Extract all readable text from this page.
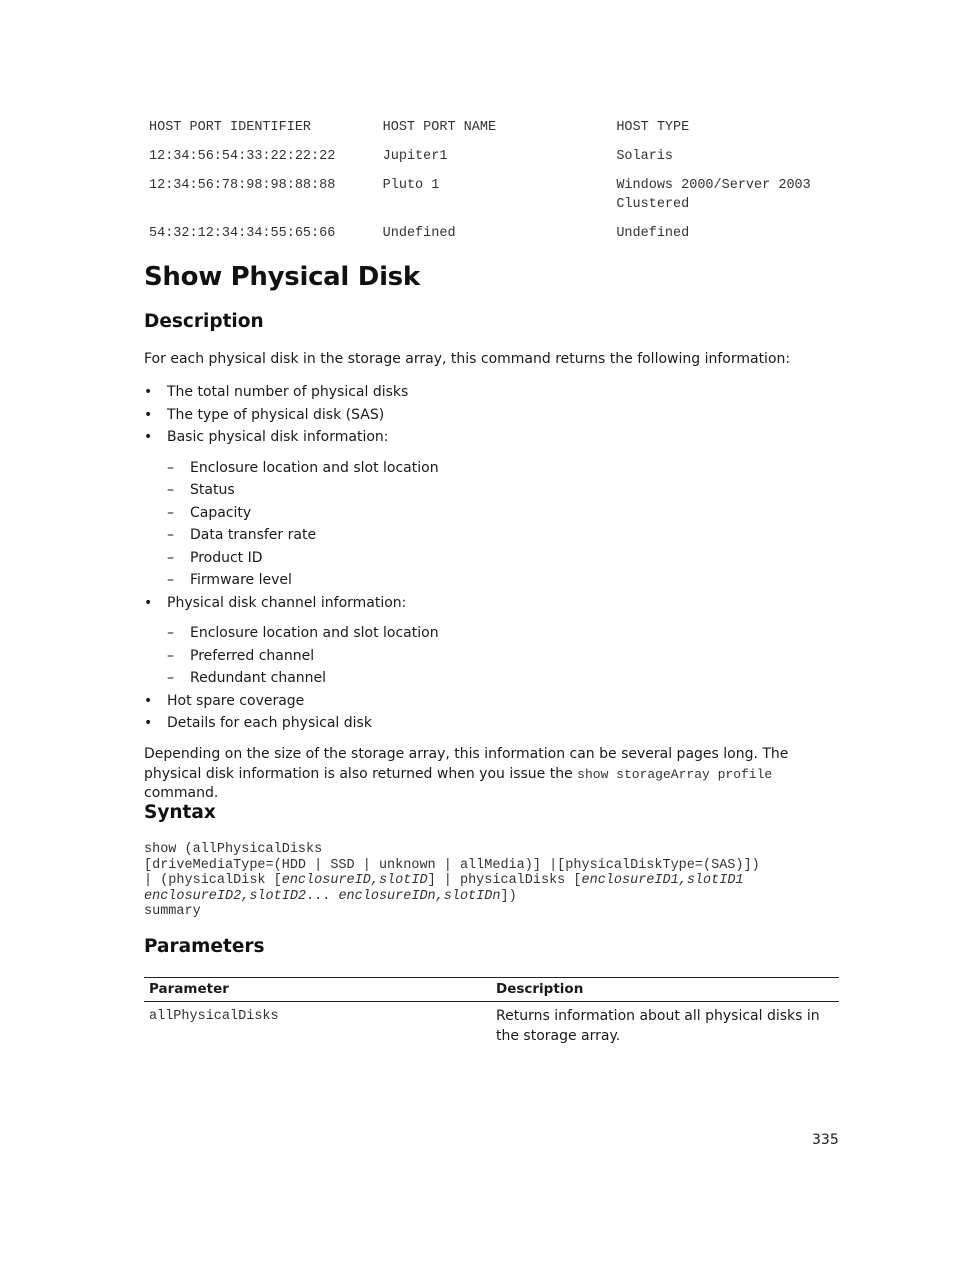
HOST PORT IDENTIFIER	HOST PORT NAME	HOST TYPE
12:34:56:54:33:22:22:22	Jupiter1	Solaris
12:34:56:78:98:98:88:88	Pluto 1	Windows 2000/Server 2003 Clustered
54:32:12:34:34:55:65:66	Undefined	Undefined
Show Physical Disk
Description

For each physical disk in the storage array, this command returns the following information:

• The total number of physical disks
• The type of physical disk (SAS)
• Basic physical disk information:
– Enclosure location and slot location
– Status
– Capacity
– Data transfer rate
– Product ID
– Firmware level
• Physical disk channel information:
– Enclosure location and slot location
– Preferred channel
– Redundant channel
• Hot spare coverage
• Details for each physical disk

Depending on the size of the storage array, this information can be several pages long. The physical disk information is also returned when you issue the show storageArray profile command.

Syntax
show (allPhysicalDisks
[driveMediaType=(HDD | SSD | unknown | allMedia)] |[physicalDiskType=(SAS)])
| (physicalDisk [enclosureID,slotID] | physicalDisks [enclosureID1,slotID1
enclosureID2,slotID2... enclosureIDn,slotIDn])
summary
Parameters
Parameter	Description
allPhysicalDisks	Returns information about all physical disks in the storage array.
335
